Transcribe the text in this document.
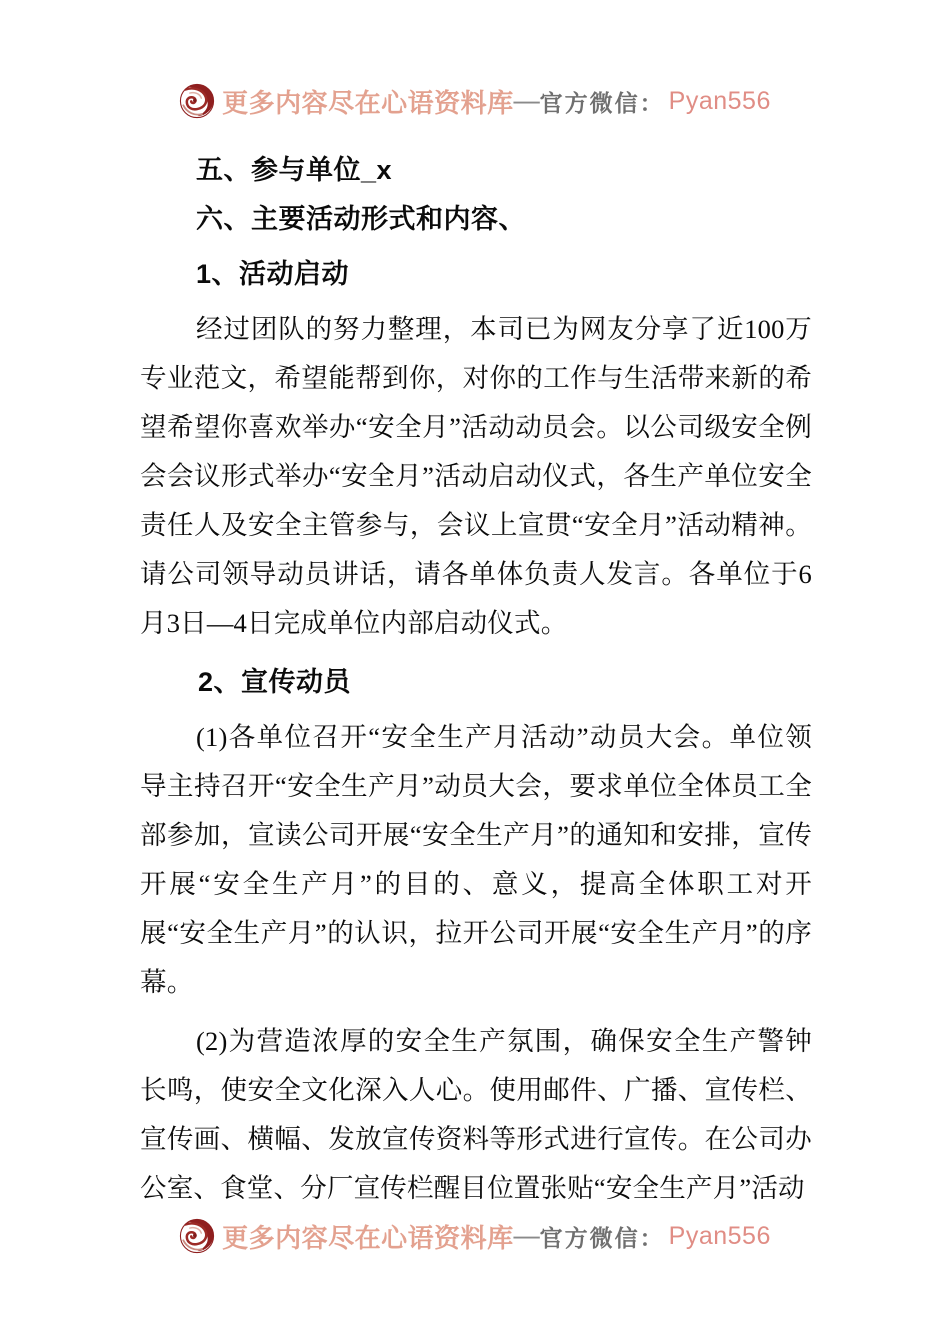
更多内容尽在心语资料库 — 官方微信： Pyan556
五、参与单位_x
六、主要活动形式和内容、
1、活动启动

经过团队的努力整理，本司已为网友分享了近100万专业范文，希望能帮到你，对你的工作与生活带来新的希望希望你喜欢举办“安全月”活动动员会。以公司级安全例会会议形式举办“安全月”活动启动仪式，各生产单位安全责任人及安全主管参与，会议上宣贯“安全月”活动精神。请公司领导动员讲话，请各单体负责人发言。各单位于6月3日—4日完成单位内部启动仪式。

2、宣传动员

(1)各单位召开“安全生产月活动”动员大会。单位领导主持召开“安全生产月”动员大会，要求单位全体员工全部参加，宣读公司开展“安全生产月”的通知和安排，宣传开展“安全生产月”的目的、意义，提高全体职工对开展“安全生产月”的认识，拉开公司开展“安全生产月”的序幕。

(2)为营造浓厚的安全生产氛围，确保安全生产警钟长鸣，使安全文化深入人心。使用邮件、广播、宣传栏、宣传画、横幅、发放宣传资料等形式进行宣传。在公司办公室、食堂、分厂宣传栏醒目位置张贴“安全生产月”活动

更多内容尽在心语资料库 — 官方微信： Pyan556
